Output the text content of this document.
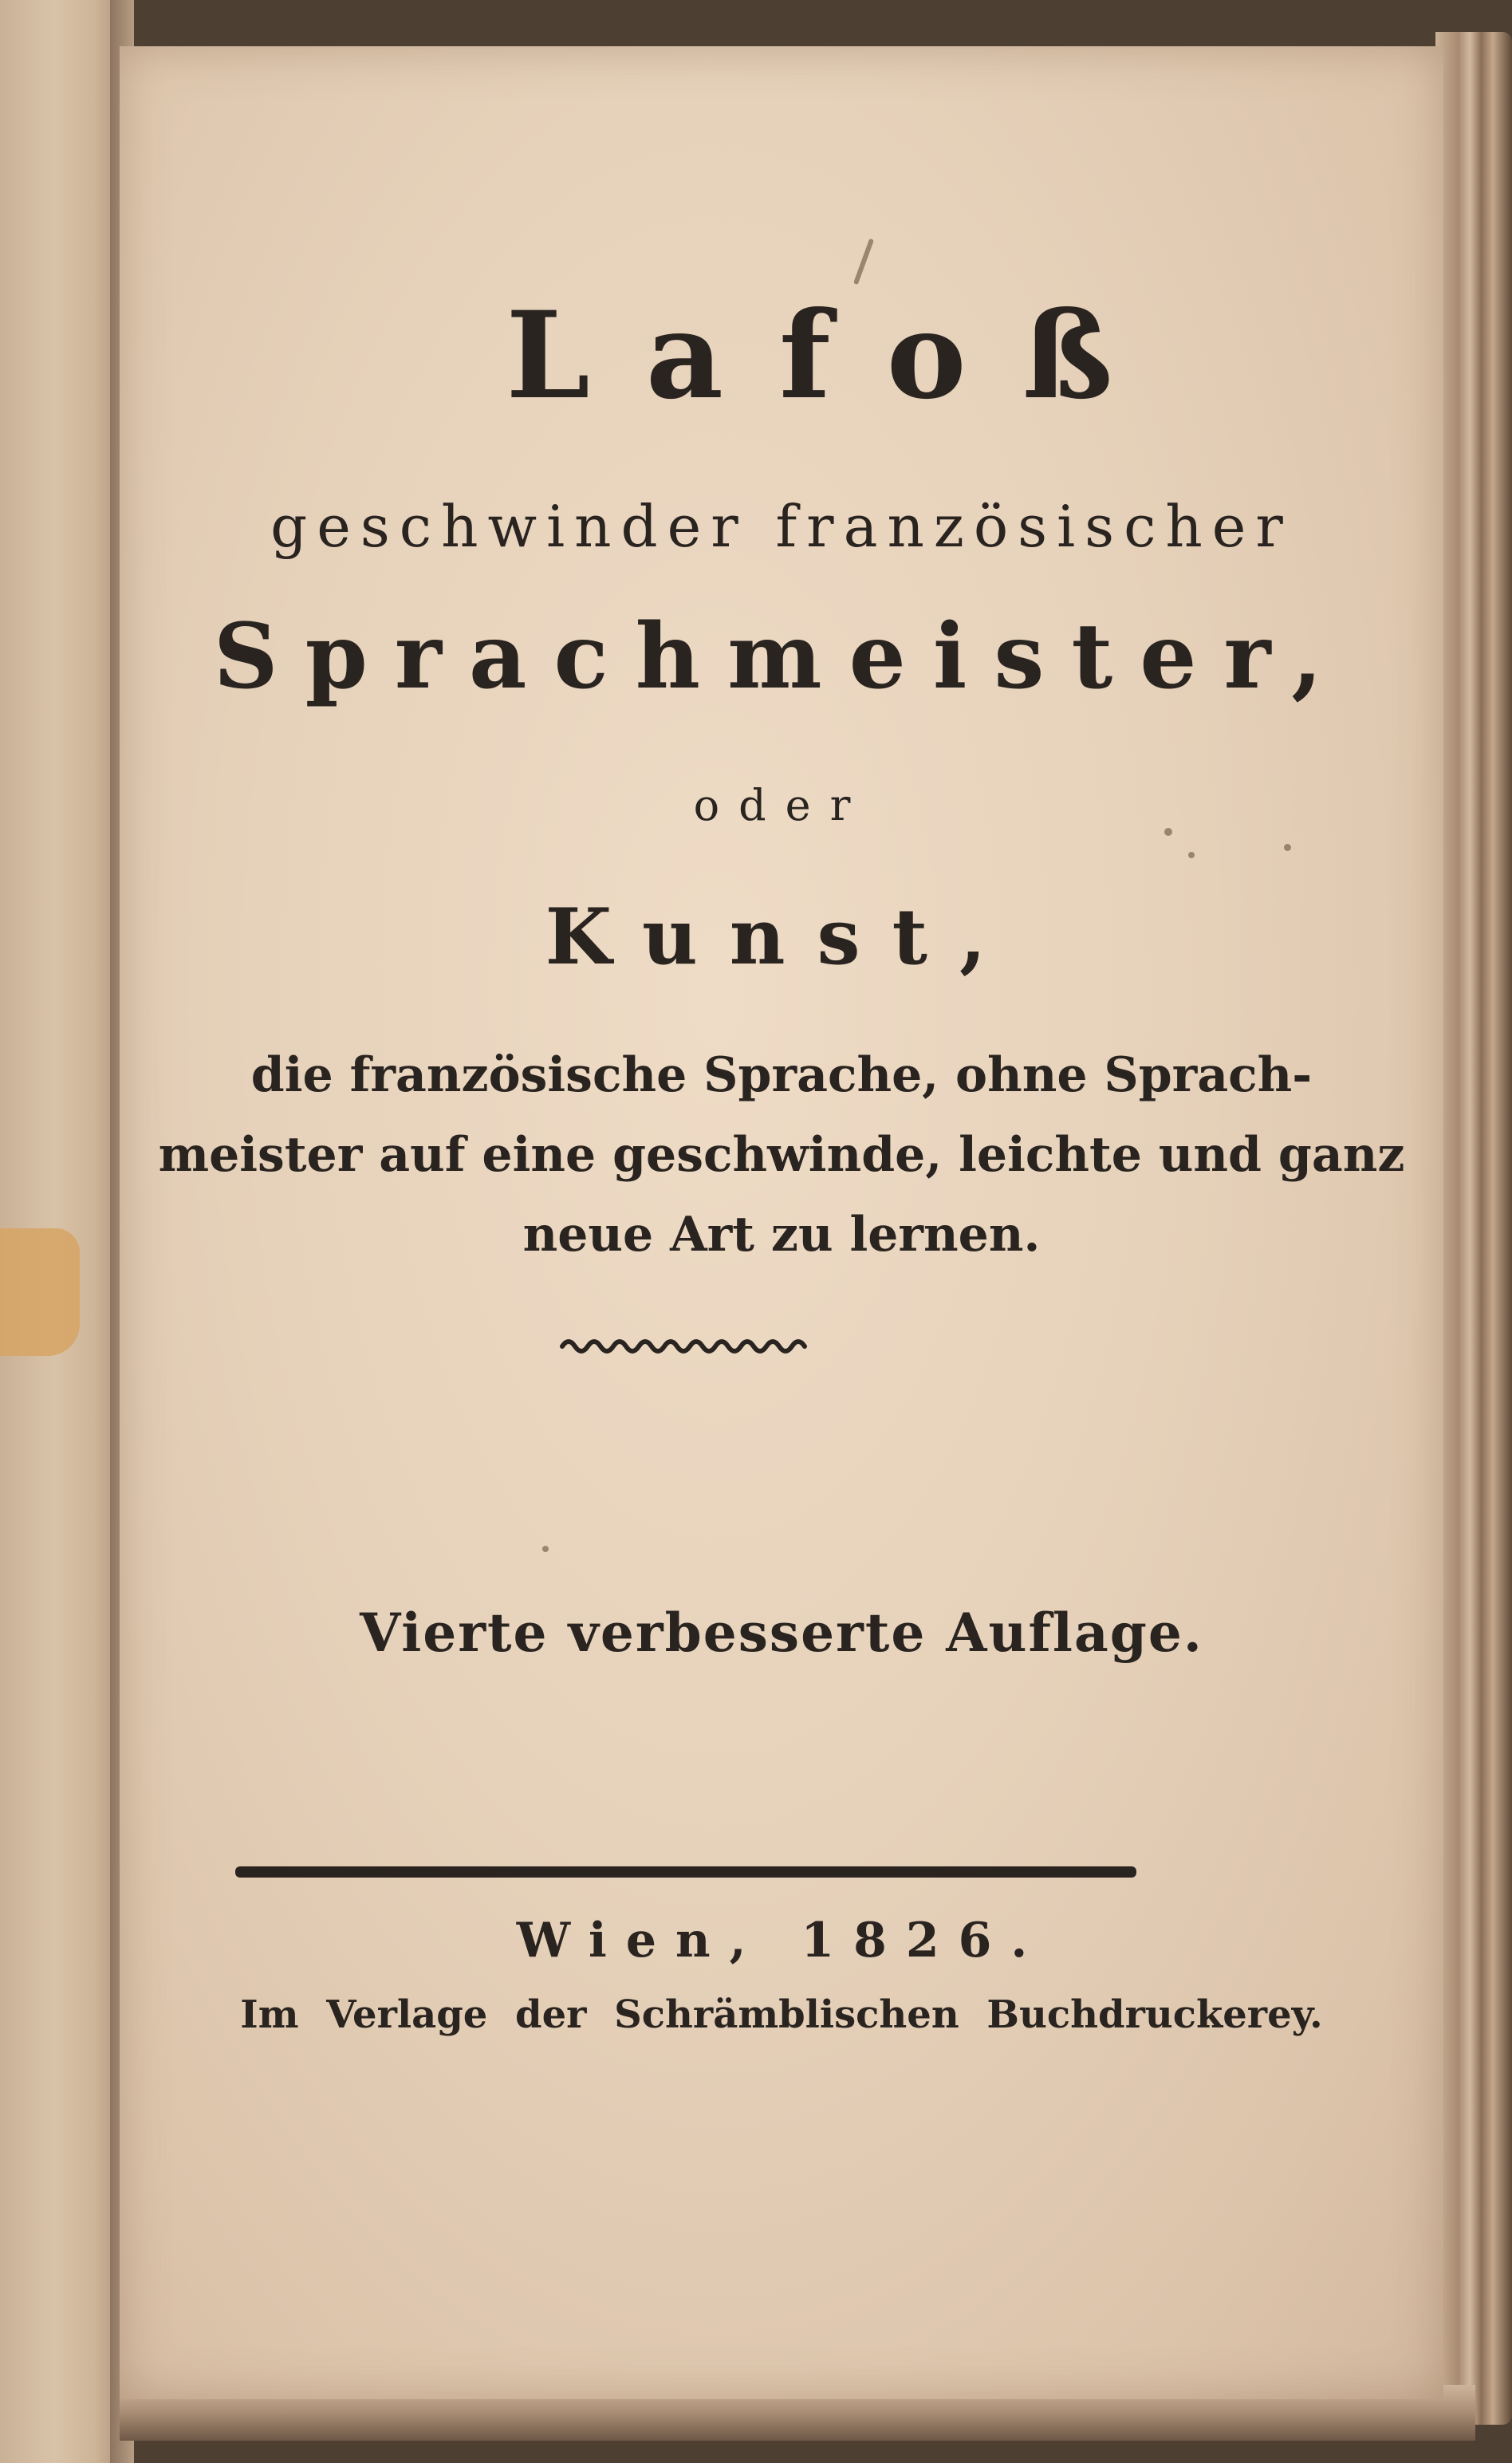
Lafoß

geschwinder französischer

Sprachmeister,

oder

Kunst,

die französische Sprache, ohne Sprach-
meister auf eine geschwinde, leichte und ganz
neue Art zu lernen.

Vierte verbesserte Auflage.

Wien, 1826.

Im Verlage der Schrämblischen Buchdruckerey.
